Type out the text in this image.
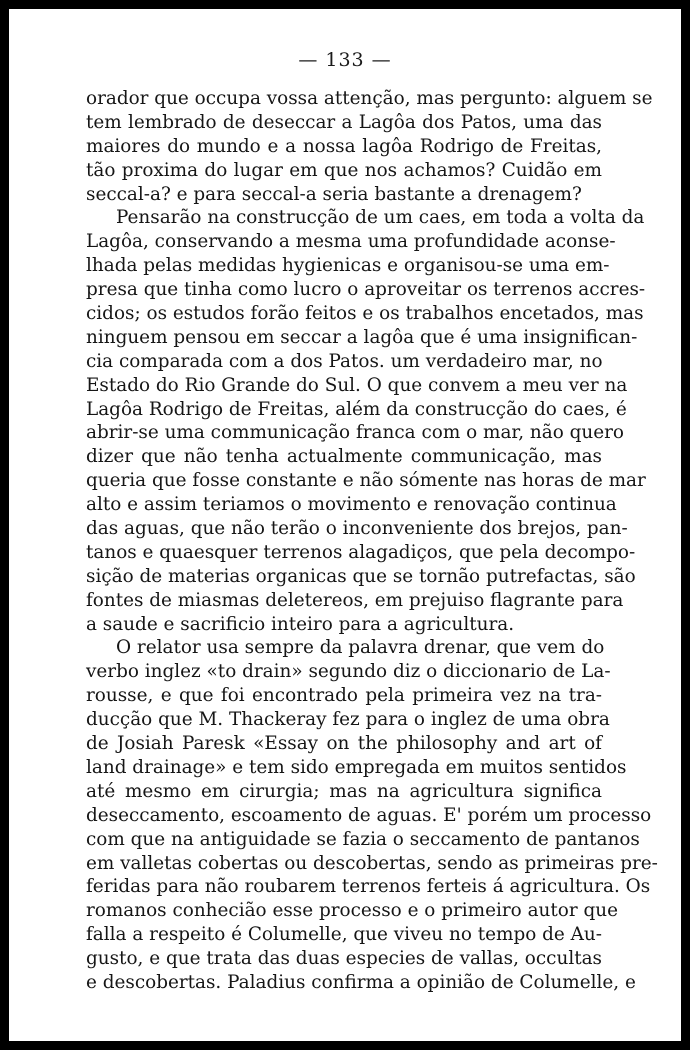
— 133 —
orador que occupa vossa attenção, mas pergunto: alguem se
tem lembrado de deseccar a Lagôa dos Patos, uma das
maiores do mundo e a nossa lagôa Rodrigo de Freitas,
tão proxima do lugar em que nos achamos? Cuidão em
seccal-a? e para seccal-a seria bastante a drenagem?
Pensarão na construcção de um caes, em toda a volta da
Lagôa, conservando a mesma uma profundidade aconse-
lhada pelas medidas hygienicas e organisou-se uma em-
presa que tinha como lucro o aproveitar os terrenos accres-
cidos; os estudos forão feitos e os trabalhos encetados, mas
ninguem pensou em seccar a lagôa que é uma insignifican-
cia comparada com a dos Patos. um verdadeiro mar, no
Estado do Rio Grande do Sul. O que convem a meu ver na
Lagôa Rodrigo de Freitas, além da construcção do caes, é
abrir-se uma communicação franca com o mar, não quero
dizer que não tenha actualmente communicação, mas
queria que fosse constante e não sómente nas horas de mar
alto e assim teriamos o movimento e renovação continua
das aguas, que não terão o inconveniente dos brejos, pan-
tanos e quaesquer terrenos alagadiços, que pela decompo-
sição de materias organicas que se tornão putrefactas, são
fontes de miasmas deletereos, em prejuiso flagrante para
a saude e sacrificio inteiro para a agricultura.
O relator usa sempre da palavra drenar, que vem do
verbo inglez «to drain» segundo diz o diccionario de La-
rousse, e que foi encontrado pela primeira vez na tra-
ducção que M. Thackeray fez para o inglez de uma obra
de Josiah Paresk «Essay on the philosophy and art of
land drainage» e tem sido empregada em muitos sentidos
até mesmo em cirurgia; mas na agricultura significa
deseccamento, escoamento de aguas. E' porém um processo
com que na antiguidade se fazia o seccamento de pantanos
em valletas cobertas ou descobertas, sendo as primeiras pre-
feridas para não roubarem terrenos ferteis á agricultura. Os
romanos conhecião esse processo e o primeiro autor que
falla a respeito é Columelle, que viveu no tempo de Au-
gusto, e que trata das duas especies de vallas, occultas
e descobertas. Paladius confirma a opinião de Columelle, e
